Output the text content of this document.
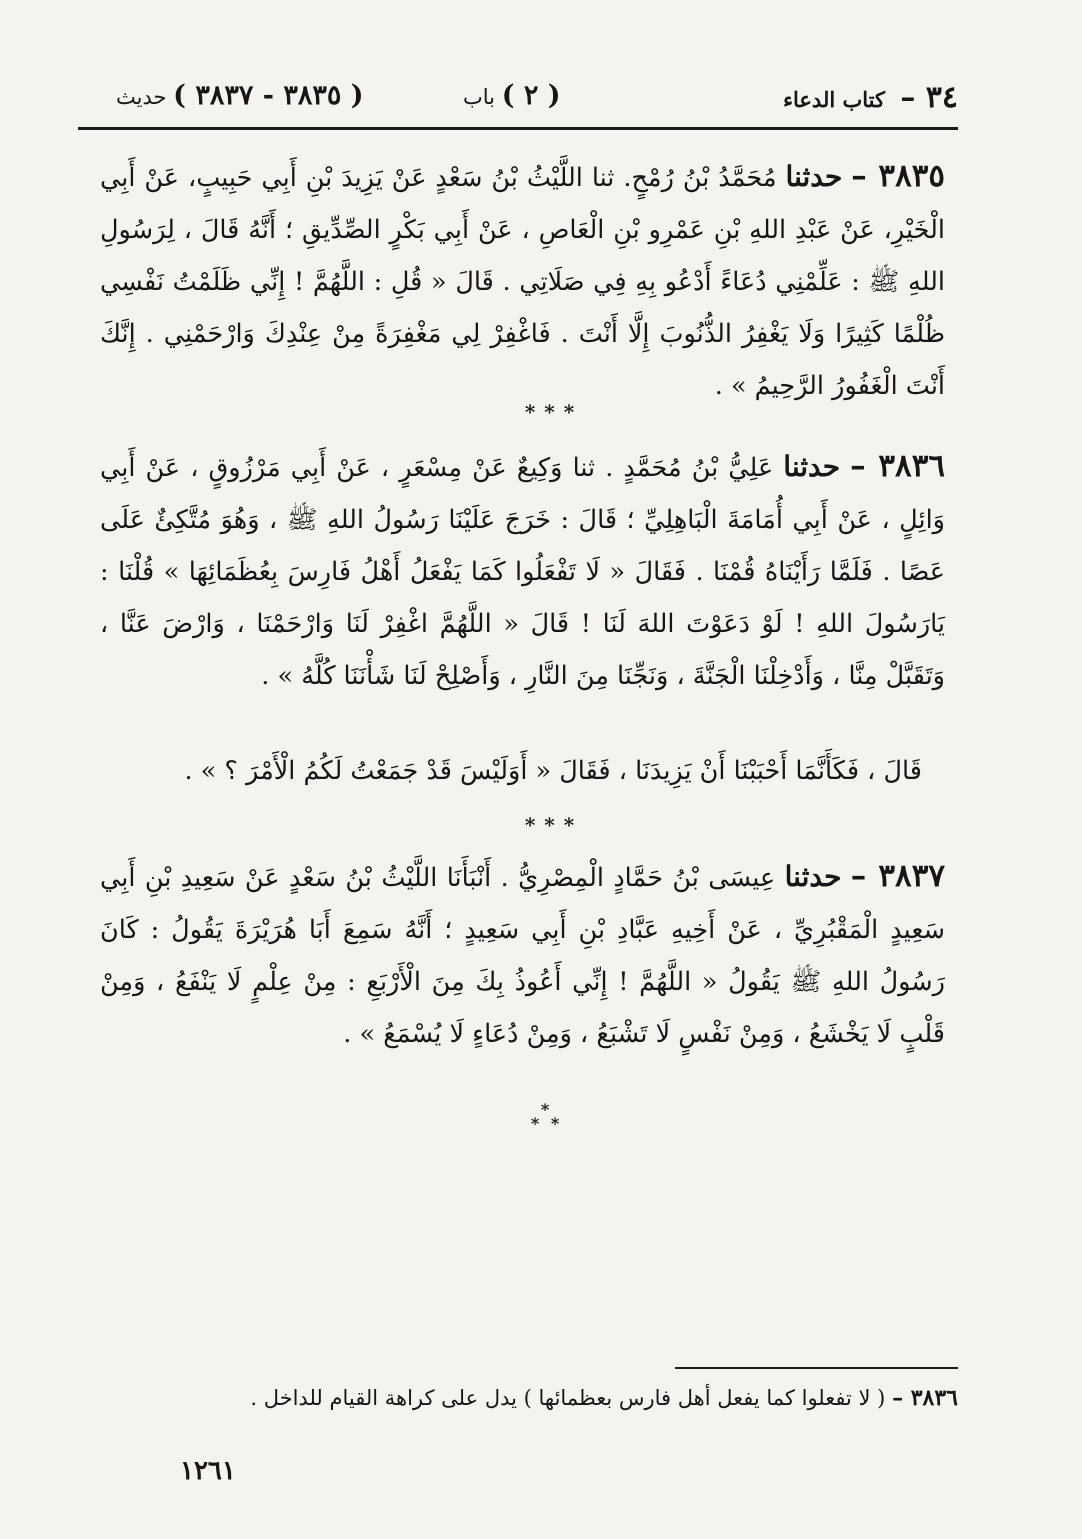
٣٤ – كتاب الدعاء
( ٢ ) باب
( ٣٨٣٥ - ٣٨٣٧ ) حديث
٣٨٣٥ – حدثنا مُحَمَّدُ بْنُ رُمْحٍ. ثنا اللَّيْثُ بْنُ سَعْدٍ عَنْ يَزِيدَ بْنِ أَبِي حَبِيبٍ، عَنْ أَبِي الْخَيْرِ، عَنْ عَبْدِ اللهِ بْنِ عَمْرِو بْنِ الْعَاصِ ، عَنْ أَبِي بَكْرٍ الصِّدِّيقِ ؛ أَنَّهُ قَالَ ، لِرَسُولِ اللهِ ﷺ : عَلِّمْنِي دُعَاءً أَدْعُو بِهِ فِي صَلَاتِي . قَالَ « قُلِ : اللَّهُمَّ ! إِنِّي ظَلَمْتُ نَفْسِي ظُلْمًا كَثِيرًا وَلَا يَغْفِرُ الذُّنُوبَ إِلَّا أَنْتَ . فَاغْفِرْ لِي مَغْفِرَةً مِنْ عِنْدِكَ وَارْحَمْنِي . إِنَّكَ أَنْتَ الْغَفُورُ الرَّحِيمُ » .
* * *
٣٨٣٦ – حدثنا عَلِيُّ بْنُ مُحَمَّدٍ . ثنا وَكِيعٌ عَنْ مِسْعَرٍ ، عَنْ أَبِي مَرْزُوقٍ ، عَنْ أَبِي وَائِلٍ ، عَنْ أَبِي أُمَامَةَ الْبَاهِلِيِّ ؛ قَالَ : خَرَجَ عَلَيْنَا رَسُولُ اللهِ ﷺ ، وَهُوَ مُتَّكِئٌ عَلَى عَصًا . فَلَمَّا رَأَيْنَاهُ قُمْنَا . فَقَالَ « لَا تَفْعَلُوا كَمَا يَفْعَلُ أَهْلُ فَارِسَ بِعُظَمَائِهَا » قُلْنَا : يَارَسُولَ اللهِ ! لَوْ دَعَوْتَ اللهَ لَنَا ! قَالَ « اللَّهُمَّ اغْفِرْ لَنَا وَارْحَمْنَا ، وَارْضَ عَنَّا ، وَتَقَبَّلْ مِنَّا ، وَأَدْخِلْنَا الْجَنَّةَ ، وَنَجِّنَا مِنَ النَّارِ ، وَأَصْلِحْ لَنَا شَأْنَنَا كُلَّهُ » .
قَالَ ، فَكَأَنَّمَا أَحْبَبْنَا أَنْ يَزِيدَنَا ، فَقَالَ « أَوَلَيْسَ قَدْ جَمَعْتُ لَكُمُ الْأَمْرَ ؟ » .
* * *
٣٨٣٧ – حدثنا عِيسَى بْنُ حَمَّادٍ الْمِصْرِيُّ . أَنْبَأَنَا اللَّيْثُ بْنُ سَعْدٍ عَنْ سَعِيدِ بْنِ أَبِي سَعِيدٍ الْمَقْبُرِيِّ ، عَنْ أَخِيهِ عَبَّادِ بْنِ أَبِي سَعِيدٍ ؛ أَنَّهُ سَمِعَ أَبَا هُرَيْرَةَ يَقُولُ : كَانَ رَسُولُ اللهِ ﷺ يَقُولُ « اللَّهُمَّ ! إِنِّي أَعُوذُ بِكَ مِنَ الْأَرْبَعِ : مِنْ عِلْمٍ لَا يَنْفَعُ ، وَمِنْ قَلْبٍ لَا يَخْشَعُ ، وَمِنْ نَفْسٍ لَا تَشْبَعُ ، وَمِنْ دُعَاءٍ لَا يُسْمَعُ » .
*
* *
٣٨٣٦ – ( لا تفعلوا كما يفعل أهل فارس بعظمائها ) يدل على كراهة القيام للداخل .
١٢٦١
